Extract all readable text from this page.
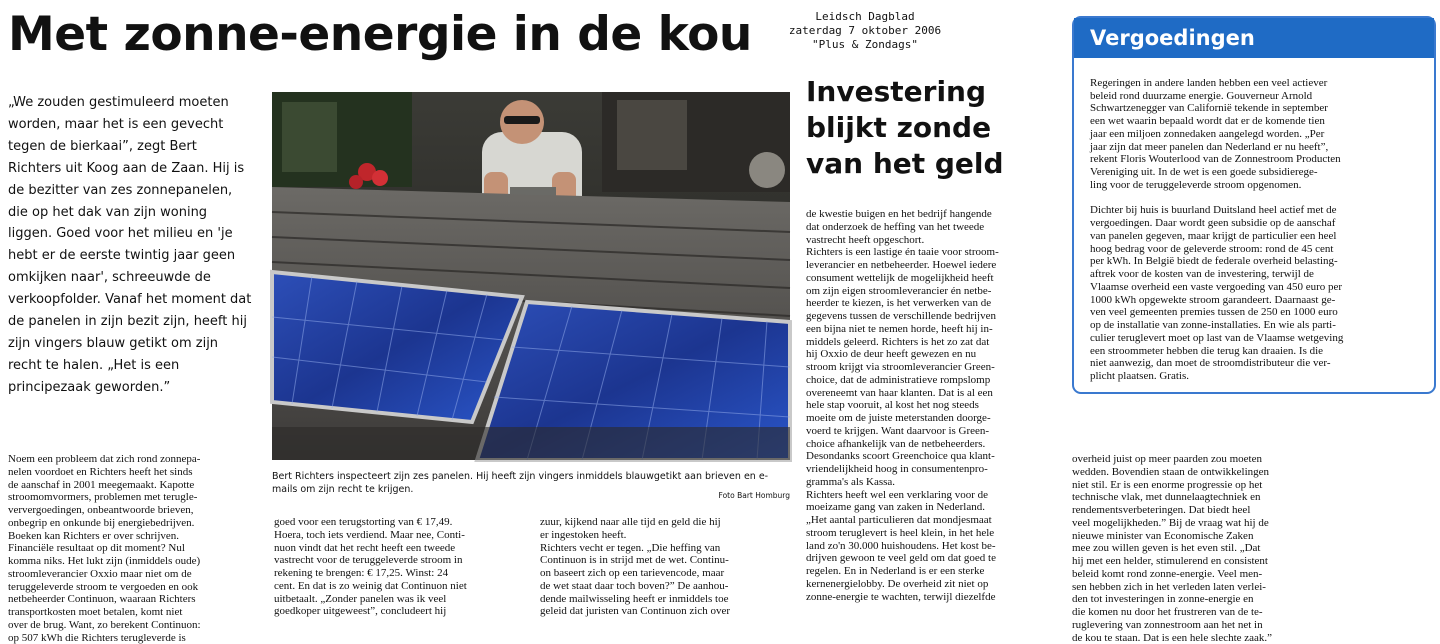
Met zonne-energie in de kou	Leidsch Dagblad
zaterdag 7 oktober 2006
"Plus & Zondags"
„We zouden gestimuleerd moeten worden, maar het is een gevecht tegen de bierkaai”, zegt Bert Richters uit Koog aan de Zaan. Hij is de bezitter van zes zonnepanelen, die op het dak van zijn woning liggen. Goed voor het milieu en 'je hebt er de eerste twintig jaar geen omkijken naar', schreeuwde de verkoopfolder. Vanaf het moment dat de panelen in zijn bezit zijn, heeft hij zijn vingers blauw getikt om zijn recht te halen. „Het is een principezaak geworden.”
Bert Richters inspecteert zijn zes panelen. Hij heeft zijn vingers inmiddels blauwgetikt aan brieven en e-mails om zijn recht te krijgen.
Foto Bart Homburg
Investering blijkt zonde van het geld
Noem een probleem dat zich rond zonnepa-
nelen voordoet en Richters heeft het sinds
de aanschaf in 2001 meegemaakt. Kapotte
stroomomvormers, problemen met terugle-
ververgoedingen, onbeantwoorde brieven,
onbegrip en onkunde bij energiebedrijven.
Boeken kan Richters er over schrijven.
Financiële resultaat op dit moment? Nul
komma niks. Het lukt zijn (inmiddels oude)
stroomleverancier Oxxio maar niet om de
teruggeleverde stroom te vergoeden en ook
netbeheerder Continuon, waaraan Richters
transportkosten moet betalen, komt niet
over de brug. Want, zo berekent Continuon:
op 507 kWh die Richters terugleverde is
goed voor een terugstorting van € 17,49.
Hoera, toch iets verdiend. Maar nee, Conti-
nuon vindt dat het recht heeft een tweede
vastrecht voor de teruggeleverde stroom in
rekening te brengen: € 17,25. Winst: 24
cent. En dat is zo weinig dat Continuon niet
uitbetaalt. „Zonder panelen was ik veel
goedkoper uitgeweest”, concludeert hij
zuur, kijkend naar alle tijd en geld die hij
er ingestoken heeft.
Richters vecht er tegen. „Die heffing van
Continuon is in strijd met de wet. Continu-
on baseert zich op een tarievencode, maar
de wet staat daar toch boven?” De aanhou-
dende mailwisseling heeft er inmiddels toe
geleid dat juristen van Continuon zich over
de kwestie buigen en het bedrijf hangende
dat onderzoek de heffing van het tweede
vastrecht heeft opgeschort.
Richters is een lastige én taaie voor stroom-
leverancier en netbeheerder. Hoewel iedere
consument wettelijk de mogelijkheid heeft
om zijn eigen stroomleverancier én netbe-
heerder te kiezen, is het verwerken van de
gegevens tussen de verschillende bedrijven
een bijna niet te nemen horde, heeft hij in-
middels geleerd. Richters is het zo zat dat
hij Oxxio de deur heeft gewezen en nu
stroom krijgt via stroomleverancier Green-
choice, dat de administratieve rompslomp
overeneemt van haar klanten. Dat is al een
hele stap vooruit, al kost het nog steeds
moeite om de juiste meterstanden doorge-
voerd te krijgen. Want daarvoor is Green-
choice afhankelijk van de netbeheerders.
Desondanks scoort Greenchoice qua klant-
vriendelijkheid hoog in consumentenpro-
gramma's als Kassa.
Richters heeft wel een verklaring voor de
moeizame gang van zaken in Nederland.
„Het aantal particulieren dat mondjesmaat
stroom teruglevert is heel klein, in het hele
land zo'n 30.000 huishoudens. Het kost be-
drijven gewoon te veel geld om dat goed te
regelen. En in Nederland is er een sterke
kernenergielobby. De overheid zit niet op
zonne-energie te wachten, terwijl diezelfde
overheid juist op meer paarden zou moeten
wedden. Bovendien staan de ontwikkelingen
niet stil. Er is een enorme progressie op het
technische vlak, met dunnelaagtechniek en
rendementsverbeteringen. Dat biedt heel
veel mogelijkheden.” Bij de vraag wat hij de
nieuwe minister van Economische Zaken
mee zou willen geven is het even stil. „Dat
hij met een helder, stimulerend en consistent
beleid komt rond zonne-energie. Veel men-
sen hebben zich in het verleden laten verlei-
den tot investeringen in zonne-energie en
die komen nu door het frustreren van de te-
ruglevering van zonnestroom aan het net in
de kou te staan. Dat is een hele slechte zaak.”
Vergoedingen

Regeringen in andere landen hebben een veel actiever
beleid rond duurzame energie. Gouverneur Arnold
Schwartzenegger van Californië tekende in september
een wet waarin bepaald wordt dat er de komende tien
jaar een miljoen zonnedaken aangelegd worden. „Per
jaar zijn dat meer panelen dan Nederland er nu heeft”,
rekent Floris Wouterlood van de Zonnestroom Producten
Vereniging uit. In de wet is een goede subsidierege-
ling voor de teruggeleverde stroom opgenomen.

Dichter bij huis is buurland Duitsland heel actief met de
vergoedingen. Daar wordt geen subsidie op de aanschaf
van panelen gegeven, maar krijgt de particulier een heel
hoog bedrag voor de geleverde stroom: rond de 45 cent
per kWh. In België biedt de federale overheid belasting-
aftrek voor de kosten van de investering, terwijl de
Vlaamse overheid een vaste vergoeding van 450 euro per
1000 kWh opgewekte stroom garandeert. Daarnaast ge-
ven veel gemeenten premies tussen de 250 en 1000 euro
op de installatie van zonne-installaties. En wie als parti-
culier teruglevert moet op last van de Vlaamse wetgeving
een stroommeter hebben die terug kan draaien. Is die
niet aanwezig, dan moet de stroomdistributeur die ver-
plicht plaatsen. Gratis.
